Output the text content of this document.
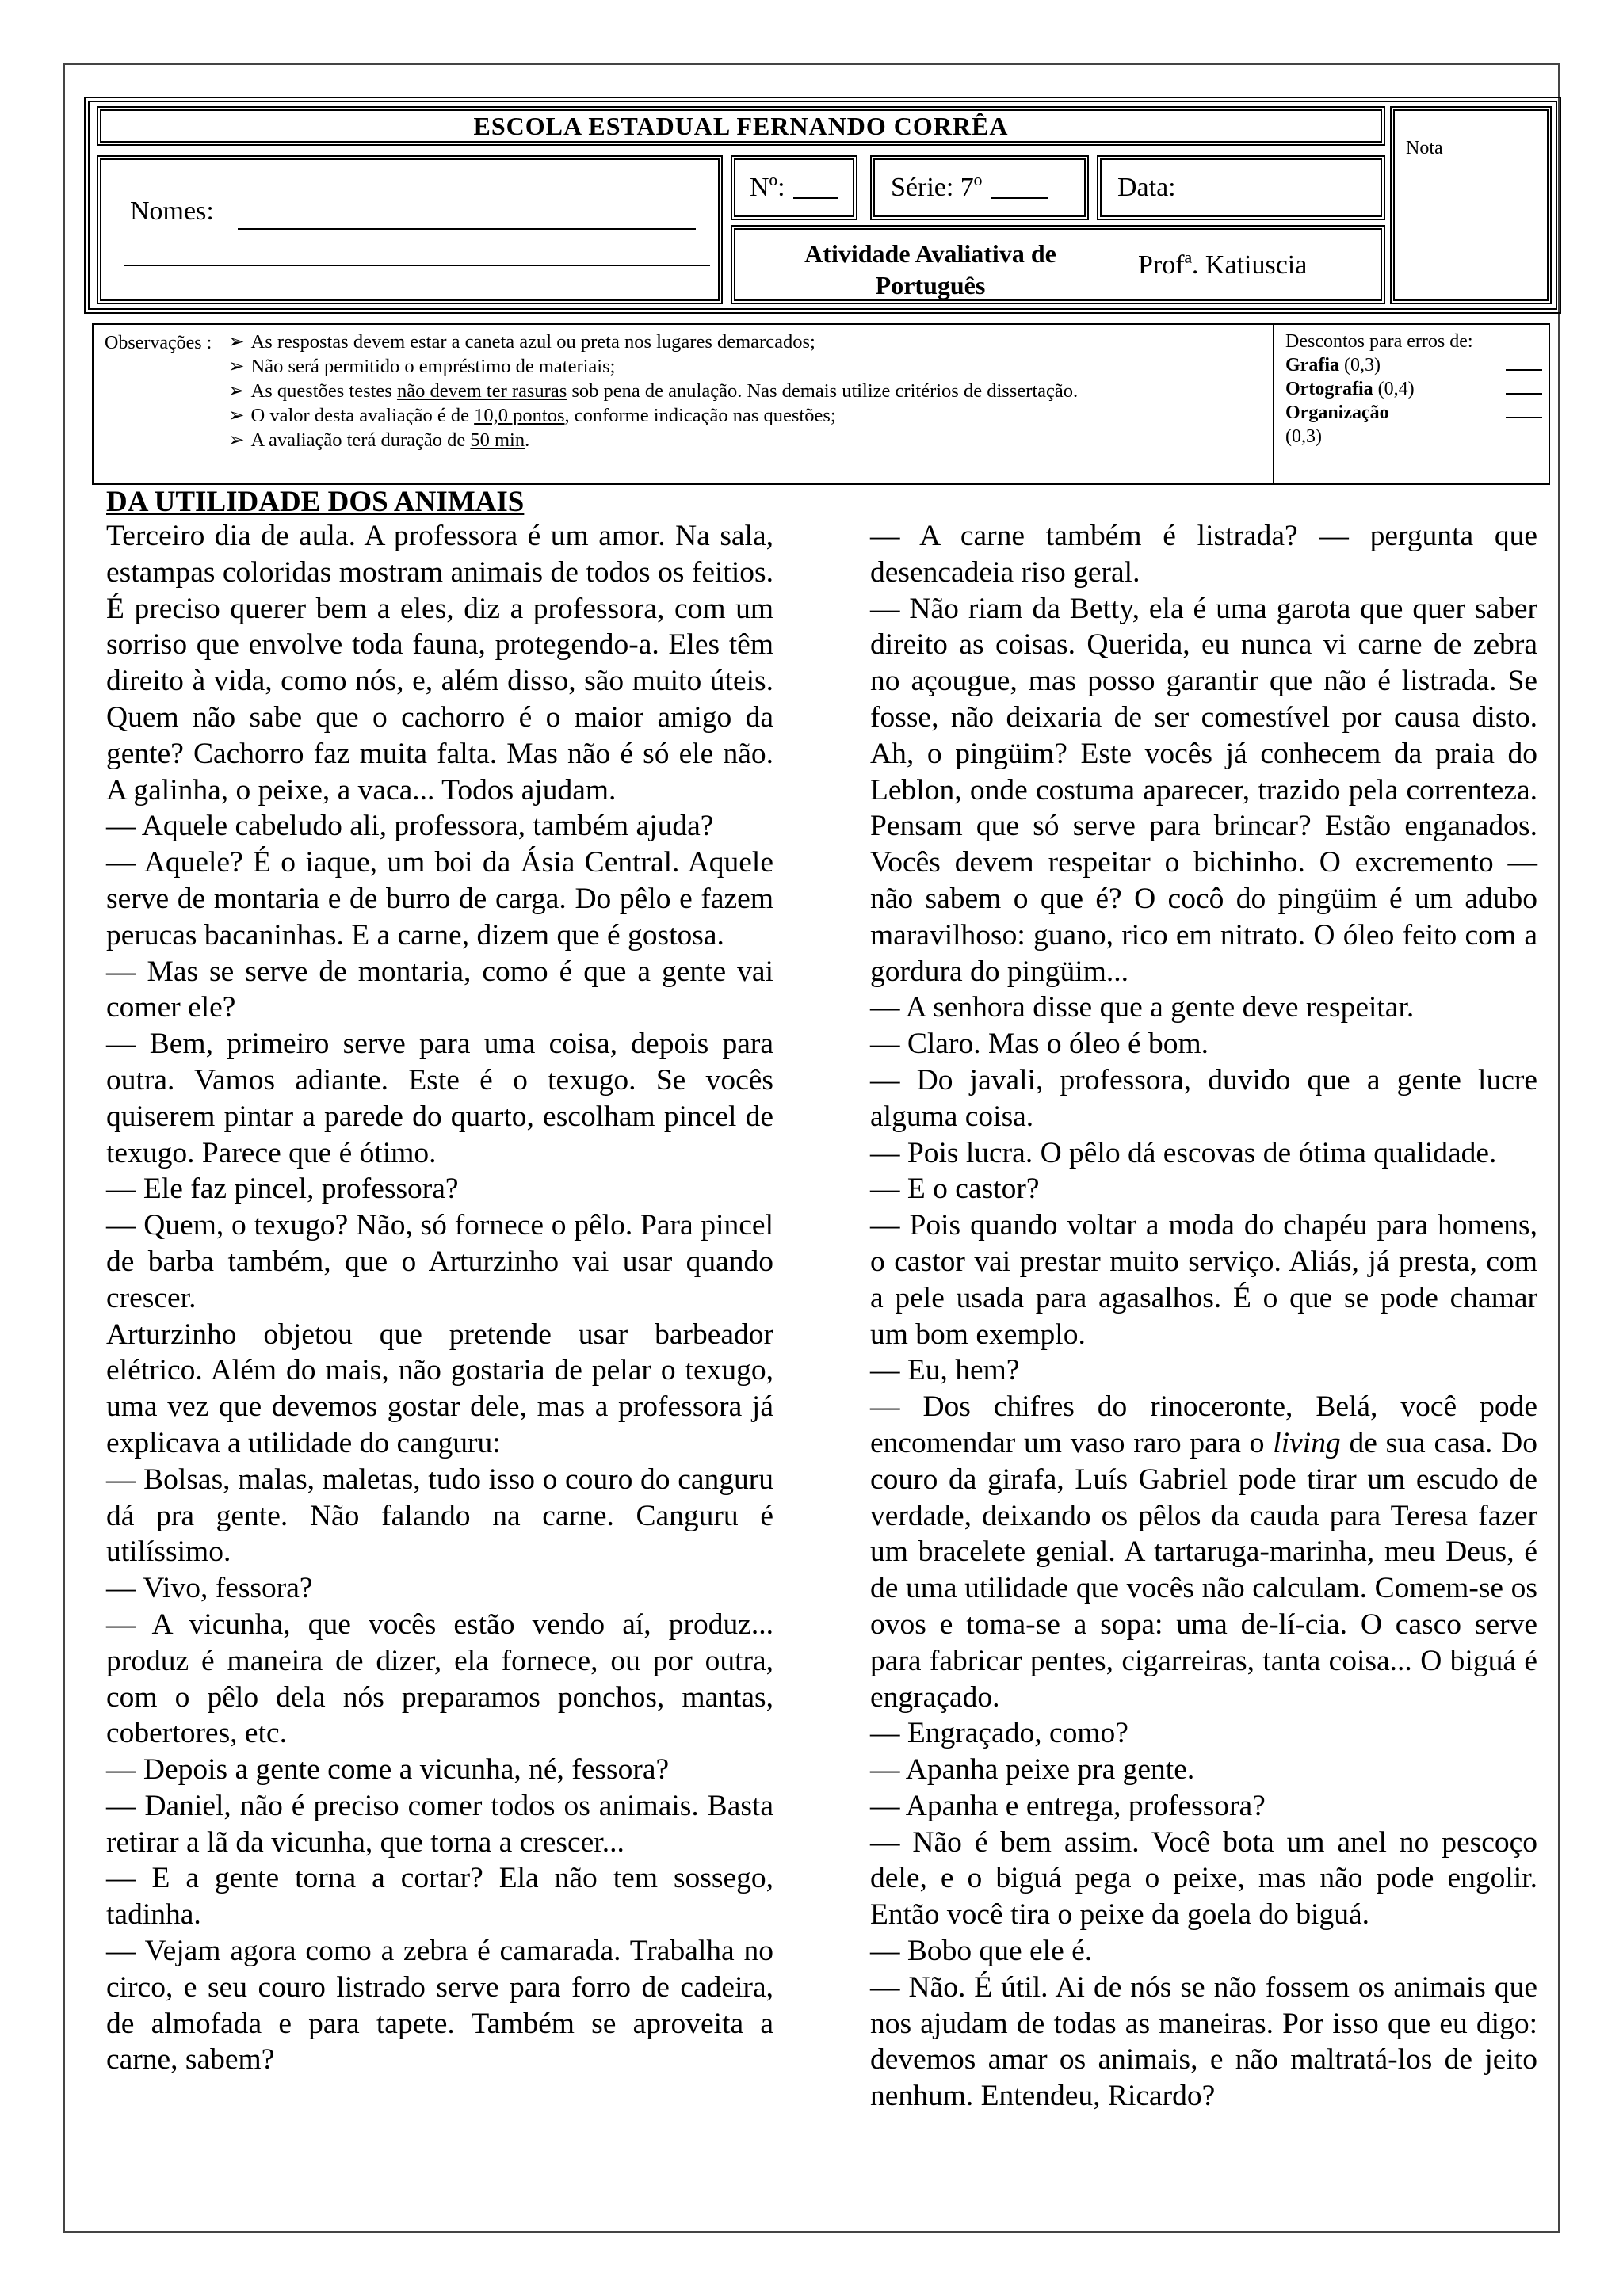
ESCOLA ESTADUAL FERNANDO CORRÊA
Nomes:
Nº:	Série: 7º	Data:
Atividade Avaliativa de Português
Profª. Katiuscia
Nota
Observações : ➢ As respostas devem estar a caneta azul ou preta nos lugares demarcados;
➢ Não será permitido o empréstimo de materiais;
➢ As questões testes não devem ter rasuras sob pena de anulação. Nas demais utilize critérios de dissertação.
➢ O valor desta avaliação é de 10,0 pontos, conforme indicação nas questões;
➢ A avaliação terá duração de 50 min.
Descontos para erros de:
Grafia (0,3)
Ortografia (0,4)
Organização
(0,3)
DA UTILIDADE DOS ANIMAIS

Terceiro dia de aula. A professora é um amor. Na sala, estampas coloridas mostram animais de todos os feitios. É preciso querer bem a eles, diz a professora, com um sorriso que envolve toda fauna, protegendo-a. Eles têm direito à vida, como nós, e, além disso, são muito úteis. Quem não sabe que o cachorro é o maior amigo da gente? Cachorro faz muita falta. Mas não é só ele não. A galinha, o peixe, a vaca... Todos ajudam.

— Aquele cabeludo ali, professora, também ajuda?

— Aquele? É o iaque, um boi da Ásia Central. Aquele serve de montaria e de burro de carga. Do pêlo e fazem perucas bacaninhas. E a carne, dizem que é gostosa.

— Mas se serve de montaria, como é que a gente vai comer ele?

— Bem, primeiro serve para uma coisa, depois para outra. Vamos adiante. Este é o texugo. Se vocês quiserem pintar a parede do quarto, escolham pincel de texugo. Parece que é ótimo.

— Ele faz pincel, professora?

— Quem, o texugo? Não, só fornece o pêlo. Para pincel de barba também, que o Arturzinho vai usar quando crescer.

Arturzinho objetou que pretende usar barbeador elétrico. Além do mais, não gostaria de pelar o texugo, uma vez que devemos gostar dele, mas a professora já explicava a utilidade do canguru:

— Bolsas, malas, maletas, tudo isso o couro do canguru dá pra gente. Não falando na carne. Canguru é utilíssimo.

— Vivo, fessora?

— A vicunha, que vocês estão vendo aí, produz... produz é maneira de dizer, ela fornece, ou por outra, com o pêlo dela nós preparamos ponchos, mantas, cobertores, etc.

— Depois a gente come a vicunha, né, fessora?

— Daniel, não é preciso comer todos os animais. Basta retirar a lã da vicunha, que torna a crescer...

— E a gente torna a cortar? Ela não tem sossego, tadinha.

— Vejam agora como a zebra é camarada. Trabalha no circo, e seu couro listrado serve para forro de cadeira, de almofada e para tapete. Também se aproveita a carne, sabem?

— A carne também é listrada? — pergunta que desencadeia riso geral.

— Não riam da Betty, ela é uma garota que quer saber direito as coisas. Querida, eu nunca vi carne de zebra no açougue, mas posso garantir que não é listrada. Se fosse, não deixaria de ser comestível por causa disto. Ah, o pingüim? Este vocês já conhecem da praia do Leblon, onde costuma aparecer, trazido pela correnteza. Pensam que só serve para brincar? Estão enganados. Vocês devem respeitar o bichinho. O excremento — não sabem o que é? O cocô do pingüim é um adubo maravilhoso: guano, rico em nitrato. O óleo feito com a gordura do pingüim...

— A senhora disse que a gente deve respeitar.

— Claro. Mas o óleo é bom.

— Do javali, professora, duvido que a gente lucre alguma coisa.

— Pois lucra. O pêlo dá escovas de ótima qualidade.

— E o castor?

— Pois quando voltar a moda do chapéu para homens, o castor vai prestar muito serviço. Aliás, já presta, com a pele usada para agasalhos. É o que se pode chamar um bom exemplo.

— Eu, hem?

— Dos chifres do rinoceronte, Belá, você pode encomendar um vaso raro para o living de sua casa. Do couro da girafa, Luís Gabriel pode tirar um escudo de verdade, deixando os pêlos da cauda para Teresa fazer um bracelete genial. A tartaruga-marinha, meu Deus, é de uma utilidade que vocês não calculam. Comem-se os ovos e toma-se a sopa: uma de-lí-cia. O casco serve para fabricar pentes, cigarreiras, tanta coisa... O biguá é engraçado.

— Engraçado, como?

— Apanha peixe pra gente.

— Apanha e entrega, professora?

— Não é bem assim. Você bota um anel no pescoço dele, e o biguá pega o peixe, mas não pode engolir. Então você tira o peixe da goela do biguá.

— Bobo que ele é.

— Não. É útil. Ai de nós se não fossem os animais que nos ajudam de todas as maneiras. Por isso que eu digo: devemos amar os animais, e não maltratá-los de jeito nenhum. Entendeu, Ricardo?
